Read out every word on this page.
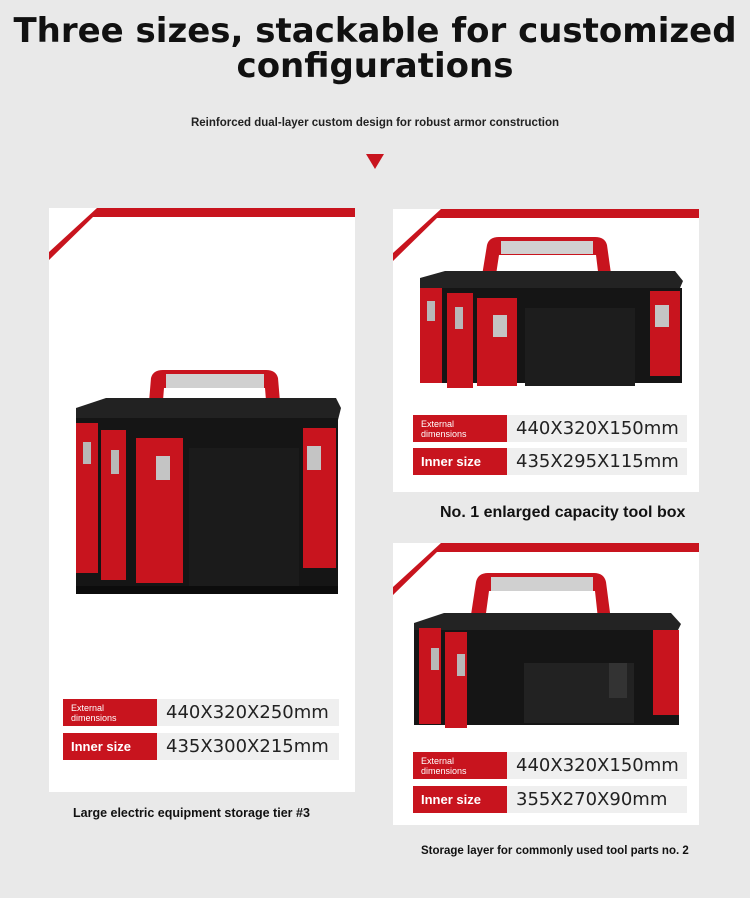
Three sizes, stackable for customized
configurations
Reinforced dual-layer custom design for robust armor construction
External
dimensions	440X320X250mm
Inner size	435X300X215mm
Large electric equipment storage tier #3
External
dimensions	440X320X150mm
Inner size	435X295X115mm
No. 1 enlarged capacity tool box
External
dimensions	440X320X150mm
Inner size	355X270X90mm
Storage layer for commonly used tool parts no. 2
